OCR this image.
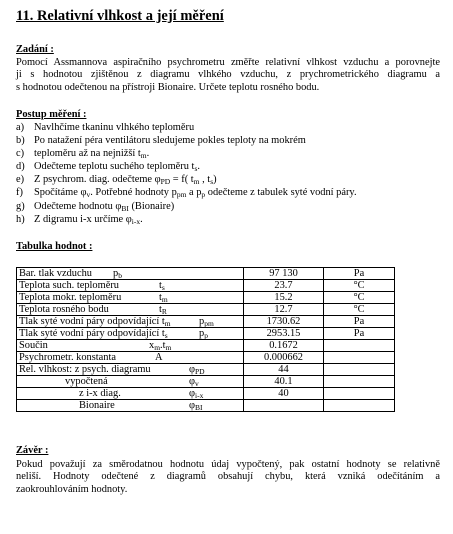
11. Relativní vlhkost a její měření
Zadání :
Pomocí Assmannova aspiračního psychrometru změřte relativní vlhkost vzduchu a porovnejte
ji s hodnotou zjištěnou z diagramu vlhkého vzduchu, z prychrometrického diagramu a
s hodnotou odečtenou na přístroji Bionaire. Určete teplotu rosného bodu.
Postup měření :
a) Navlhčíme tkaninu vlhkého teploměru
b) Po natažení péra ventilátoru sledujeme pokles teploty na mokrém
c) teploměru až na nejnižší $t_m$.
d) Odečteme teplotu suchého teploměru $t_s$.
e) Z psychrom. diag. odečteme $\varphi_{PD} = f$( $t_m$ , $t_s$)
f)	Spočítáme $\varphi_v$. Potřebné hodnoty $p_{pm}$ a $p_p$ odečteme z tabulek syté vodní páry.
g) Odečteme hodnotu $\varphi_{BI}$ (Bionaire)
h) Z digramu i-x určíme $\varphi_{i-x}$.
Tabulka hodnot :
Bar. tlak vzduchu $p_b$	97 130	Pa

Teplota such. teploměru $t_s$	23.7	°C

Teplota mokr. teploměru $t_m$	15.2	°C

Teplota rosného bodu $t_R$	12.7	°C

Tlak syté vodní páry odpovídající $t_m$ $p_{pm}$	1730.62	Pa

Tlak syté vodní páry odpovídající $t_s$ $p_p$	2953.15	Pa

Součin $x_m.t_m$	0.1672	

Psychrometr. konstanta A	0.000662	

Rel. vlhkost: z psych. diagramu $\varphi_{PD}$	44	

vypočtená $\varphi_v$	40.1	

z i-x diag. $\varphi_{i-x}$	40	

Bionaire $\varphi_{BI}$

Závěr :
Pokud považují za směrodatnou hodnotu údaj vypočtený, pak ostatní hodnoty se relativně
neliší. Hodnoty odečtené z diagramů obsahují chybu, která vzniká odečítáním a
zaokrouhlováním hodnoty.
